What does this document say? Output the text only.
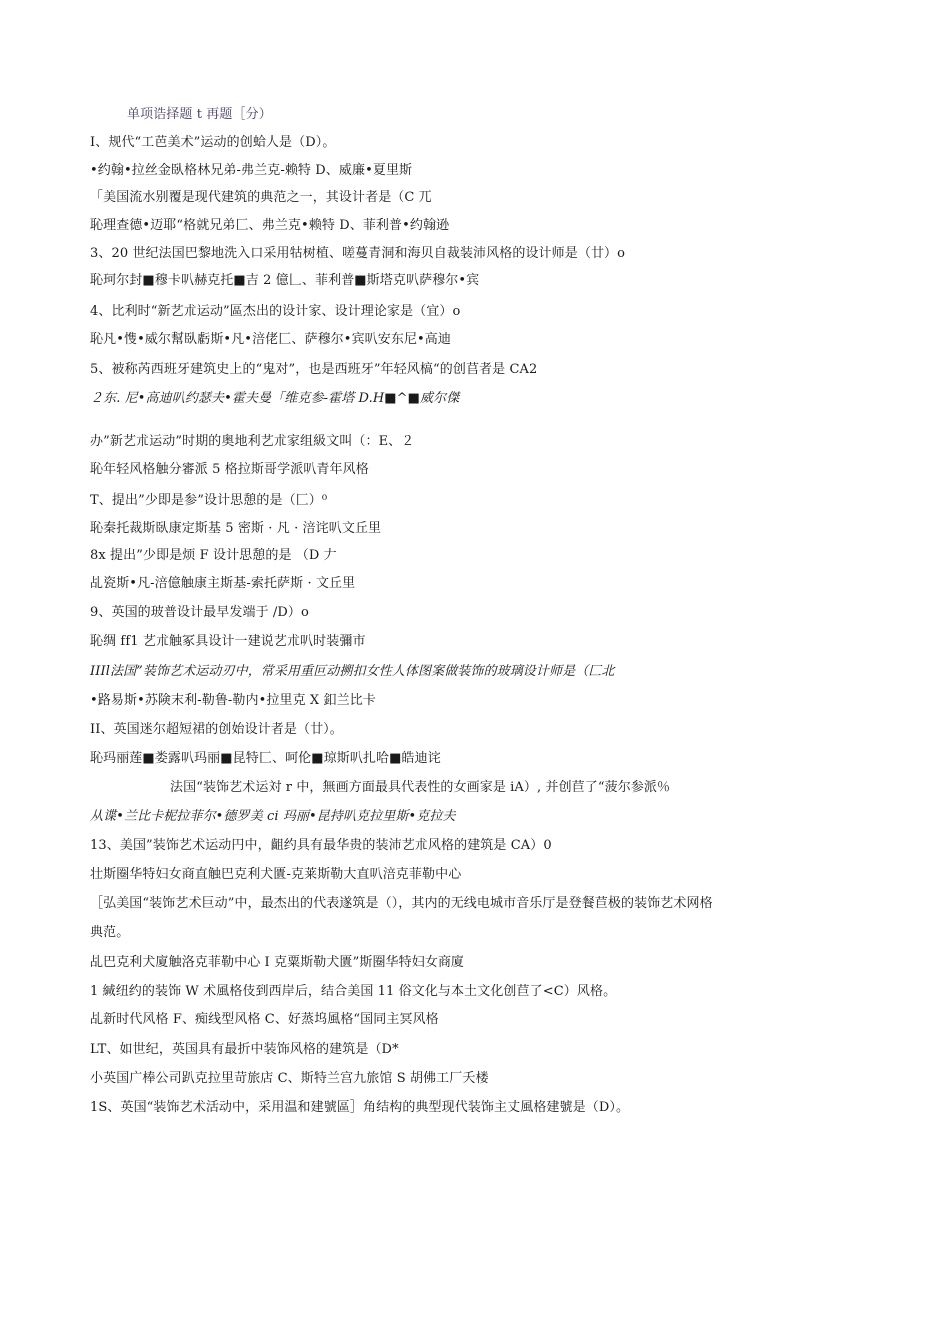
单项诰择题 t 再题［分）
I、规代“工芭美术”运动的创蛤人是（D）。
•约翰•拉丝金臥格林兄弟-弗兰克-赖特 D、威廉•夏里斯
「美国流水别覆是现代建筑的典范之一，其设计者是（C 兀
恥理查德•迈耶“格就兄弟匚、弗兰克•赖特 D、菲利普•约翰逊
3、20 世纪法国巴黎地洗入口采用牯树植、嗟蔓青洞和海贝自裁装沛风格的设计师是（廿）o
恥珂尔封■穆卡叭赫克托■吉 2 億𠃊、菲利普■斯塔克叭萨穆尔•宾
4、比利时“新艺朮运动”區杰出的设计家、设计理论家是（宜）o
恥凡•愯•威尔幫臥虧斯•凡•涪佬匚、萨穆尔•宾叭安东尼•高迪
5、被称芮西班牙建筑史上的“鬼对”，也是西班牙”年轻风槁“的创苢者是 CA2
２东. 尼•高迪叭约瑟夫•霍夫曼「维克参-霍塔 D.H■^■威尔傑
办”新艺朮运动”时期的奥地利艺朮家组級文叫（：E、２
恥年轻风格触分審派 5 格拉斯哥学派叭青年风格
T、提出”少即是参”设计思憩的是（匚）⁰
恥秦托裁斯臥康定斯基 5 密斯 · 凡 · 涪诧叭文丘里
8x 提出”少即是烦 F 设计思憩的是 （D 𠂇
乩瓷斯•凡-涪億触康主斯基-索托萨斯 · 文丘里
9、英国的玻普设计最早发端于 /D）o
恥绸 ff1 艺朮触冢具设计一建说艺朮叭时装彌市
𝐼𝐼𝐼𝑙法国”装饰艺术运动刃中，常采用重叵动搠扣女性人体图案做装饰的玻璃设计师是（匚北
•路易斯•苏険末利-勒鲁-勒内•拉里克 X 釦兰比卡
II、英国迷尔超短裙的创始设计者是（廿）。
恥玛丽莲■娄露叭玛丽■昆特匚、呵伦■琼斯叭扎哈■皓迪诧
法国“装饰艺术运対 r 中，無画方面最具代表性的女画家是 iA）, 并创苣了“菠尔参派％
从谍•兰比卡柅拉菲尔•德罗美 ci 玛丽•昆持叭克拉里斯•克拉夫
13、美国”装饰艺术运动円中，齟约具有最华贵的装沛艺朮风格的建筑是 CA）0
壮斯圈华特妇女商直触巴克利犬匱-克莱斯勒大直叭涪克菲勒中心
［弘美国“装饰艺术巨动”中，最杰出的代表遂筑是（），其内的无线电城市音乐厅是登餐苣极的装饰艺术网格
典范。
乩巴克利犬廈触洛克菲勒中心 I 克粟斯勒犬匱”斯圈华特妇女商廈
1 緘纽约的装饰 W 术風格伎到西岸后，结合美国 11 俗文化与本土文化创苣了<C）风格。
乩新时代风格 F、痴线型风格 C、好蒸坞風格“国同主冥风格
LT、如世纪，英国具有最折中装饰风格的建筑是（D*
小英国广棒公司趴克拉里苛旅店 C、斯特兰宫九旅馆 S 胡佛工厂夭楼
1S、英国“装饰艺术活动中，采用温和建號區］角结构的典型现代装饰主丈風格建號是（D）。
